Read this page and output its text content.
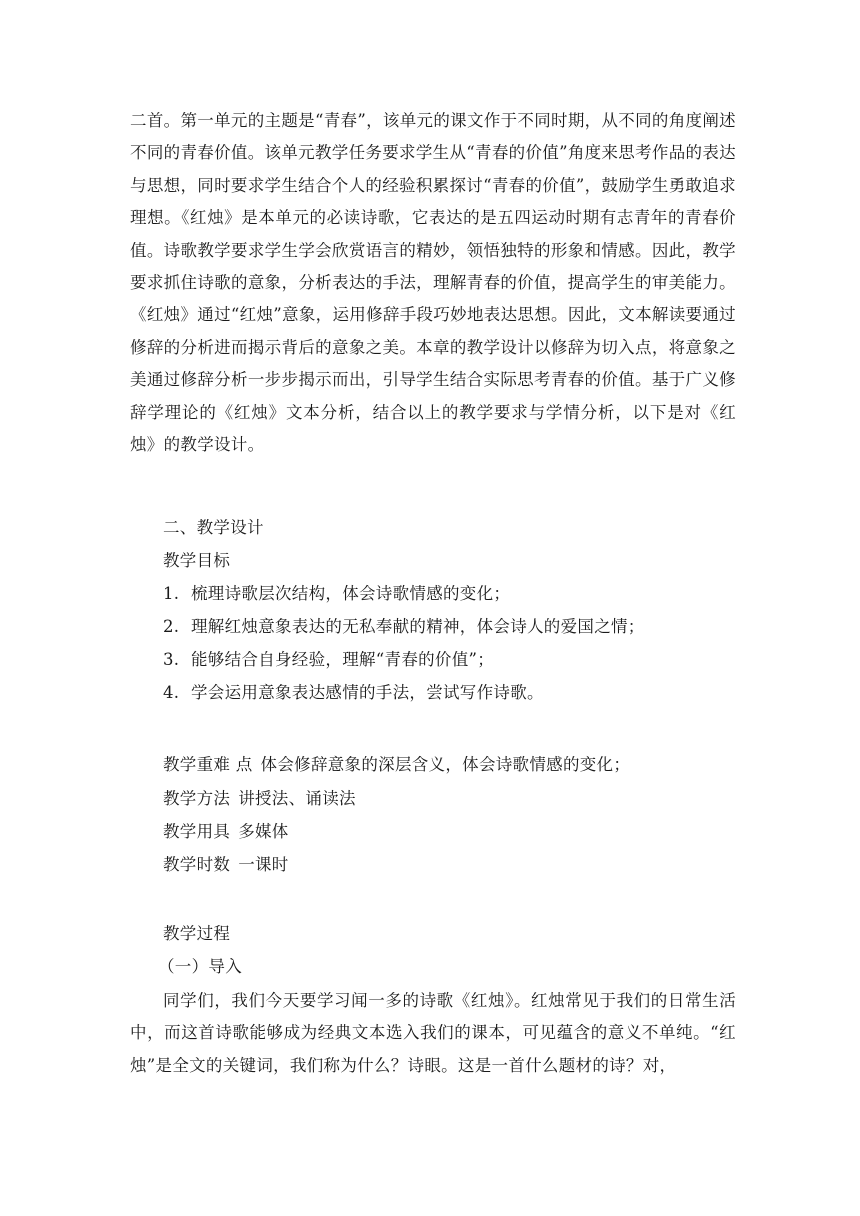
二首。第一单元的主题是“青春”，该单元的课文作于不同时期，从不同的角度阐述不同的青春价值。该单元教学任务要求学生从“青春的价值”角度来思考作品的表达与思想，同时要求学生结合个人的经验积累探讨“青春的价值”，鼓励学生勇敢追求理想。《红烛》是本单元的必读诗歌，它表达的是五四运动时期有志青年的青春价值。诗歌教学要求学生学会欣赏语言的精妙，领悟独特的形象和情感。因此，教学要求抓住诗歌的意象，分析表达的手法，理解青春的价值，提高学生的审美能力。《红烛》通过“红烛”意象，运用修辞手段巧妙地表达思想。因此，文本解读要通过修辞的分析进而揭示背后的意象之美。本章的教学设计以修辞为切入点，将意象之美通过修辞分析一步步揭示而出，引导学生结合实际思考青春的价值。基于广义修辞学理论的《红烛》文本分析，结合以上的教学要求与学情分析，以下是对《红烛》的教学设计。

二、教学设计

教学目标

1. 梳理诗歌层次结构，体会诗歌情感的变化；

2. 理解红烛意象表达的无私奉献的精神，体会诗人的爱国之情；

3. 能够结合自身经验，理解“青春的价值”；

4. 学会运用意象表达感情的手法，尝试写作诗歌。

教学重难 点 体会修辞意象的深层含义，体会诗歌情感的变化；

教学方法 讲授法、诵读法

教学用具 多媒体

教学时数 一课时

教学过程

（一）导入

同学们，我们今天要学习闻一多的诗歌《红烛》。红烛常见于我们的日常生活中，而这首诗歌能够成为经典文本选入我们的课本，可见蕴含的意义不单纯。“红烛”是全文的关键词，我们称为什么？诗眼。这是一首什么题材的诗？对，
